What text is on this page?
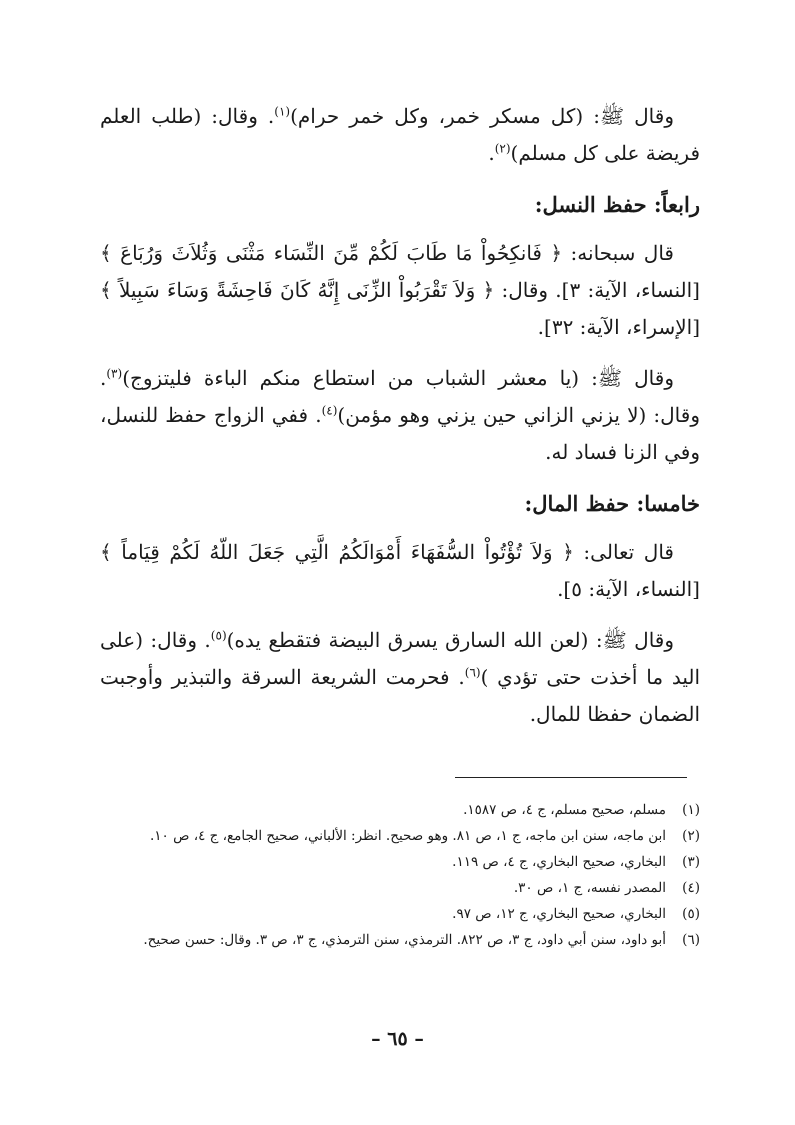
وقال ﷺ: (كل مسكر خمر، وكل خمر حرام)$^{(١)}$. وقال: (طلب العلم فريضة على كل مسلم)$^{(٢)}$.

رابعاً: حفظ النسل:

قال سبحانه: ﴿ فَانكِحُواْ مَا طَابَ لَكُمْ مِّنَ النِّسَاء مَثْنَى وَثُلاَثَ وَرُبَاعَ ﴾ [النساء، الآية: ٣]. وقال: ﴿ وَلاَ تَقْرَبُواْ الزِّنَى إِنَّهُ كَانَ فَاحِشَةً وَسَاءَ سَبِيلاً ﴾ [الإسراء، الآية: ٣٢].

وقال ﷺ: (يا معشر الشباب من استطاع منكم الباءة فليتزوج)$^{(٣)}$. وقال: (لا يزني الزاني حين يزني وهو مؤمن)$^{(٤)}$. ففي الزواج حفظ للنسل، وفي الزنا فساد له.

خامسا: حفظ المال:

قال تعالى: ﴿ وَلاَ تُؤْتُواْ السُّفَهَاءَ أَمْوَالَكُمُ الَّتِي جَعَلَ اللّهُ لَكُمْ قِيَاماً ﴾ [النساء، الآية: ٥].

وقال ﷺ: (لعن الله السارق يسرق البيضة فتقطع يده)$^{(٥)}$. وقال: (على اليد ما أخذت حتى تؤدي )$^{(٦)}$. فحرمت الشريعة السرقة والتبذير وأوجبت الضمان حفظا للمال.

(١)
مسلم، صحيح مسلم، ج ٤، ص ١٥٨٧.
(٢)
ابن ماجه، سنن ابن ماجه، ج ١، ص ٨١. وهو صحيح. انظر: الألباني، صحيح الجامع، ج ٤، ص ١٠.
(٣)
البخاري، صحيح البخاري، ج ٤، ص ١١٩.
(٤)
المصدر نفسه، ج ١، ص ٣٠.
(٥)
البخاري، صحيح البخاري، ج ١٢، ص ٩٧.
(٦)
أبو داود، سنن أبي داود، ج ٣، ص ٨٢٢. الترمذي، سنن الترمذي، ج ٣، ص ٣. وقال: حسن صحيح.
– ٦٥ –
